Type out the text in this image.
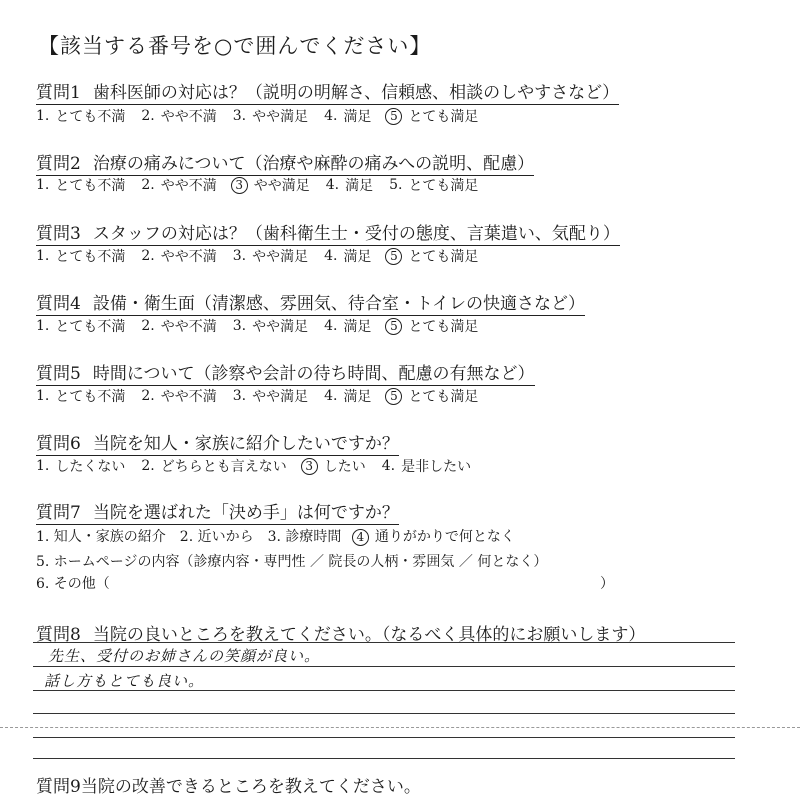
【該当する番号を○で囲んでください】
質問1 歯科医師の対応は？（説明の明解さ、信頼感、相談のしやすさなど）
1. とても不満 2. やや不満 3. やや満足 4. 満足	5 とても満足
質問2 治療の痛みについて（治療や麻酔の痛みへの説明、配慮）
1. とても不満 2. やや不満	3 やや満足 4. 満足 5. とても満足
質問3 スタッフの対応は？（歯科衛生士・受付の態度、言葉遣い、気配り）
1. とても不満 2. やや不満 3. やや満足 4. 満足	5 とても満足
質問4 設備・衛生面（清潔感、雰囲気、待合室・トイレの快適さなど）
1. とても不満 2. やや不満 3. やや満足 4. 満足	5 とても満足
質問5 時間について（診察や会計の待ち時間、配慮の有無など）
1. とても不満 2. やや不満 3. やや満足 4. 満足	5 とても満足
質問6 当院を知人・家族に紹介したいですか？
1. したくない 2. どちらとも言えない	3 したい 4. 是非したい
質問7 当院を選ばれた「決め手」は何ですか？
1. 知人・家族の紹介　2. 近いから　3. 診療時間	4 通りがかりで何となく
5. ホームページの内容（診療内容・専門性 ／ 院長の人柄・雰囲気 ／ 何となく）
6. その他（	）
質問8 当院の良いところを教えてください。（なるべく具体的にお願いします）
先生、受付のお姉さんの笑顔が良い。
話し方もとても良い。
質問9当院の改善できるところを教えてください。
